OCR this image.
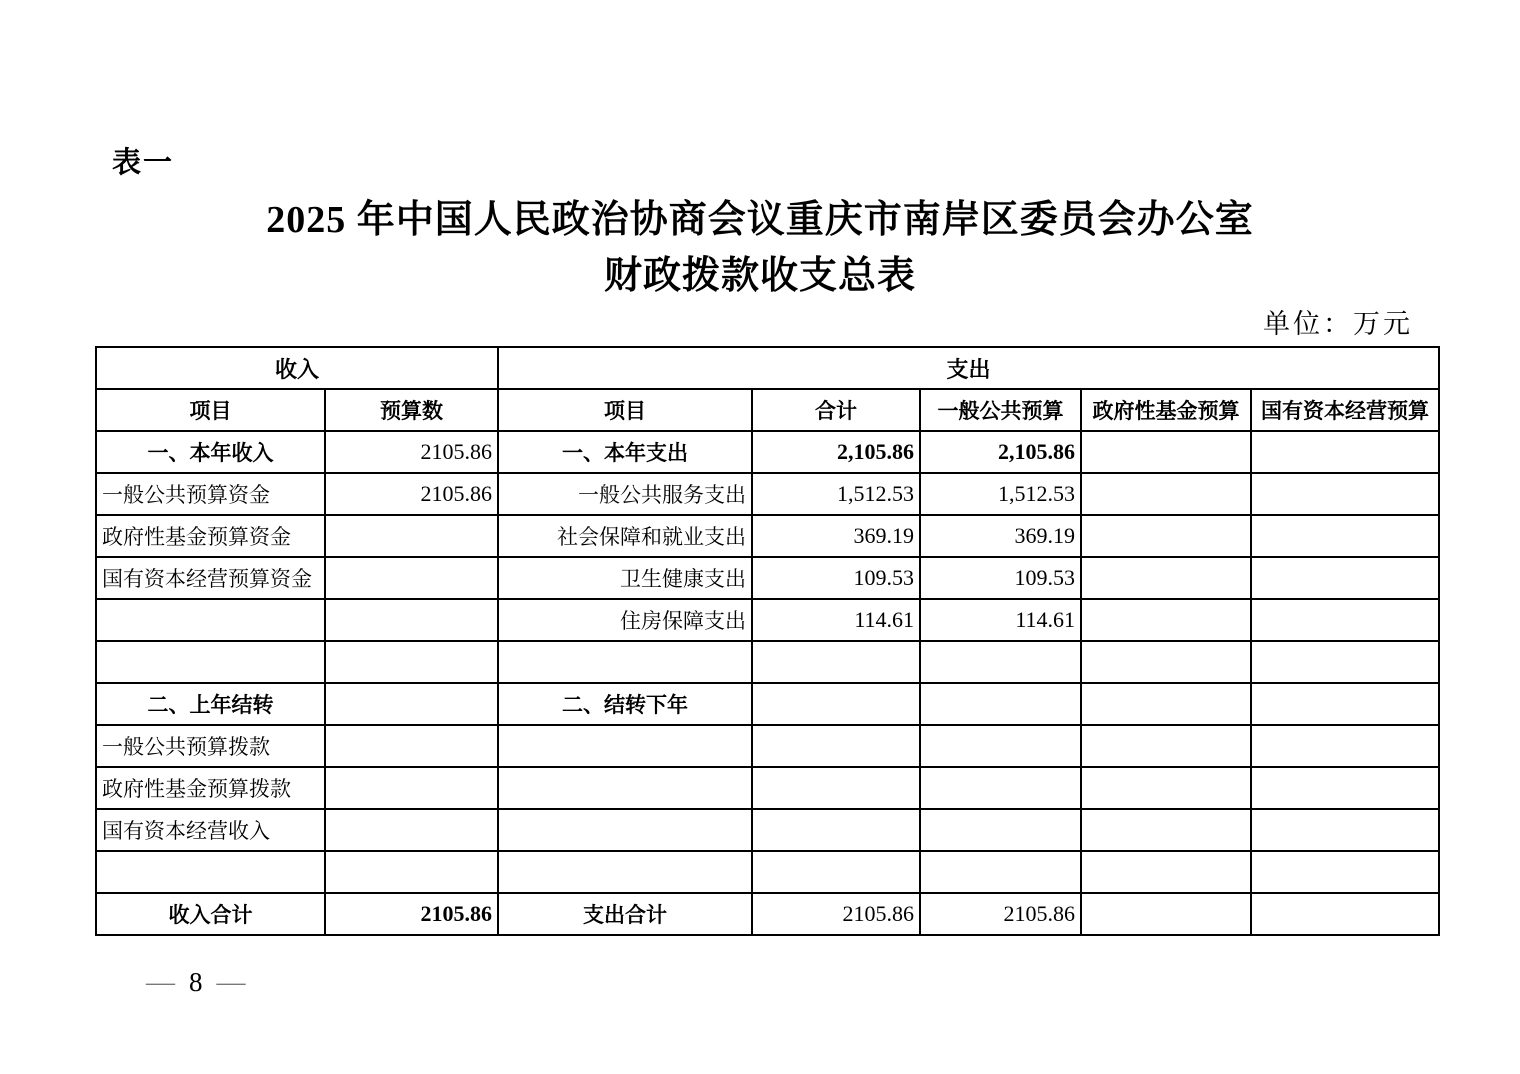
表一
2025 年中国人民政治协商会议重庆市南岸区委员会办公室
财政拨款收支总表
单位：万元
收入		支出				
项目	预算数	项目	合计	一般公共预算	政府性基金预算	国有资本经营预算
一、本年收入	2105.86	一、本年支出	2,105.86	2,105.86		
一般公共预算资金	2105.86	一般公共服务支出	1,512.53	1,512.53		
政府性基金预算资金		社会保障和就业支出	369.19	369.19		
国有资本经营预算资金		卫生健康支出	109.53	109.53		
		住房保障支出	114.61	114.61		

二、上年结转		二、结转下年				
一般公共预算拨款						
政府性基金预算拨款						
国有资本经营收入						

收入合计	2105.86	支出合计	2105.86	2105.86		
— 8 —
